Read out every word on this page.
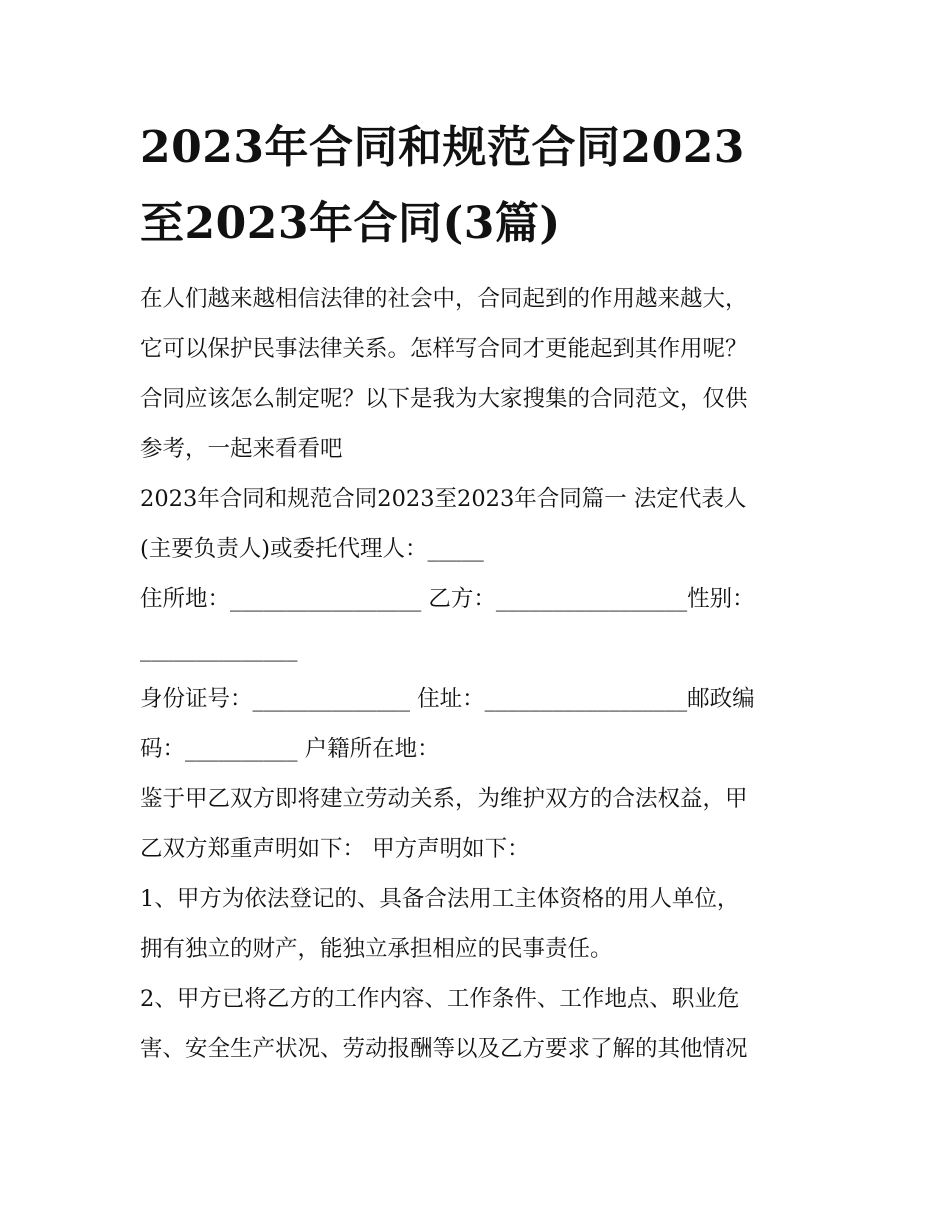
2023年合同和规范合同2023
至2023年合同(3篇)

在人们越来越相信法律的社会中，合同起到的作用越来越大，
它可以保护民事法律关系。怎样写合同才更能起到其作用呢？
合同应该怎么制定呢？以下是我为大家搜集的合同范文，仅供
参考，一起来看看吧

2023年合同和规范合同2023至2023年合同篇一 法定代表人
(主要负责人)或委托代理人：_____

住所地：_________________ 乙方：_________________性别：
______________

身份证号：______________ 住址：__________________邮政编
码：__________ 户籍所在地：

鉴于甲乙双方即将建立劳动关系，为维护双方的合法权益，甲
乙双方郑重声明如下： 甲方声明如下：

1、甲方为依法登记的、具备合法用工主体资格的用人单位，
拥有独立的财产，能独立承担相应的民事责任。

2、甲方已将乙方的工作内容、工作条件、工作地点、职业危
害、安全生产状况、劳动报酬等以及乙方要求了解的其他情况
